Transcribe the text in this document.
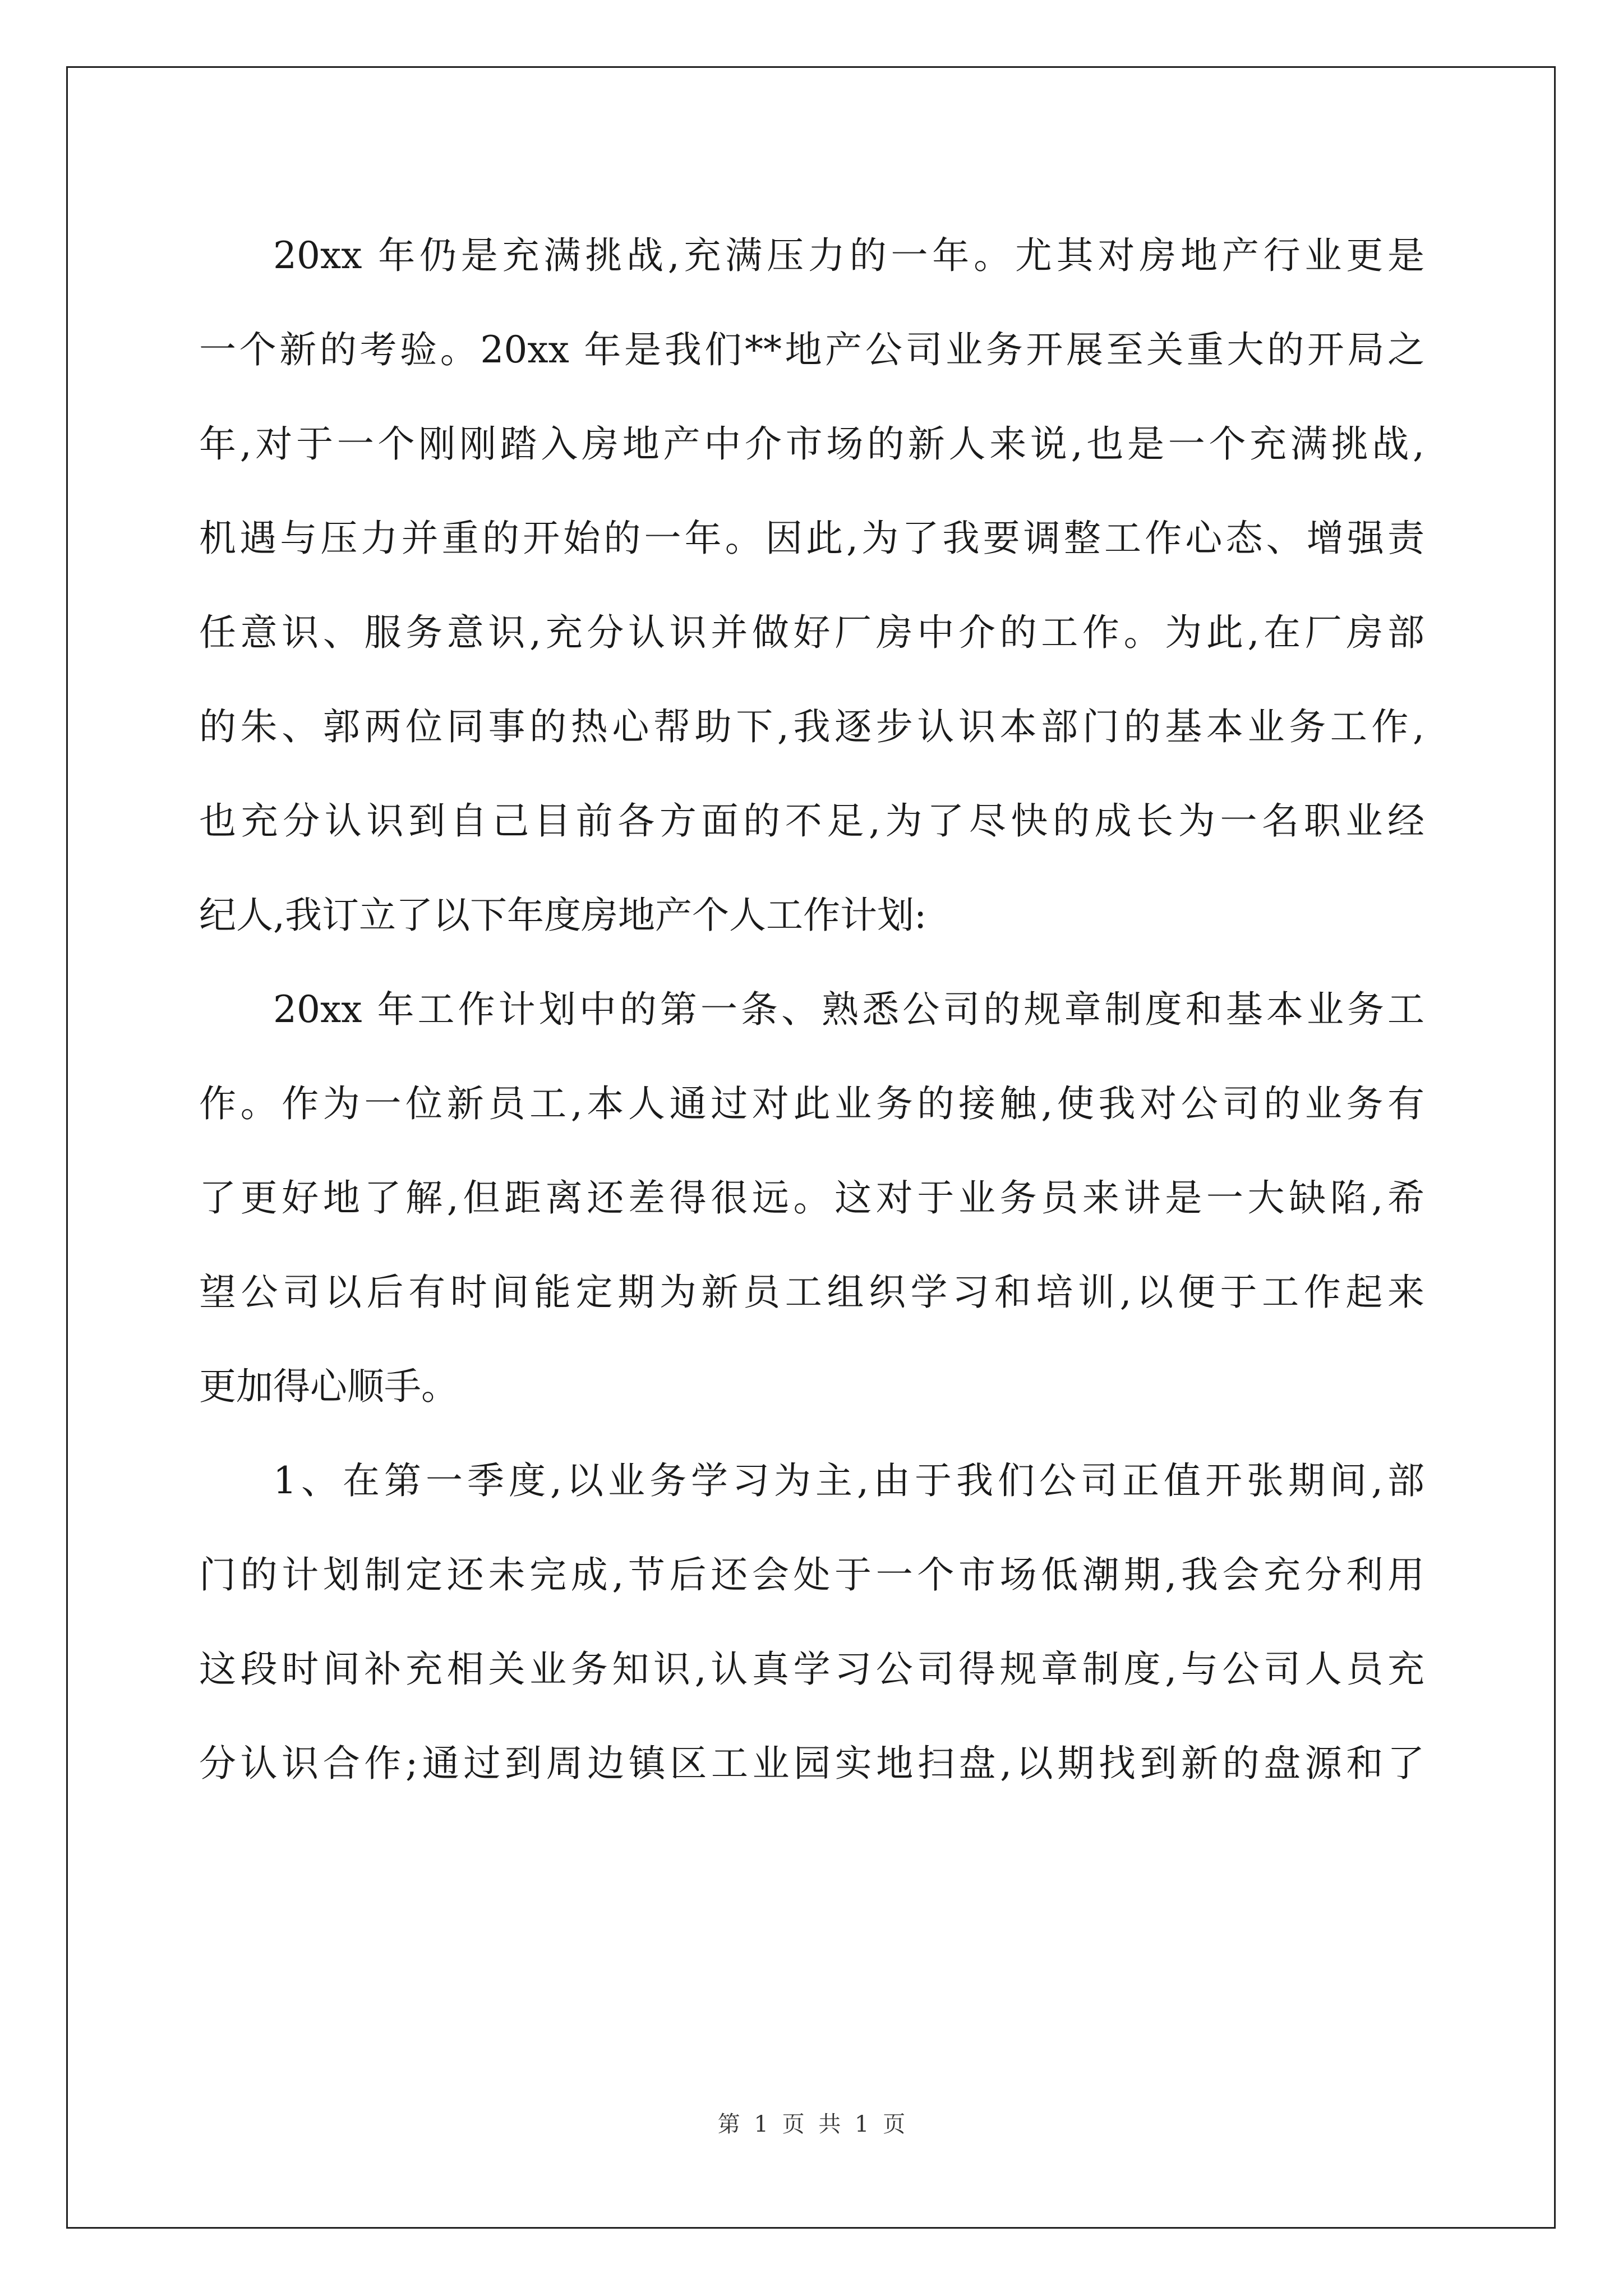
20xx 年仍是充满挑战,充满压力的一年。尤其对房地产行业更是
一个新的考验。20xx 年是我们**地产公司业务开展至关重大的开局之
年,对于一个刚刚踏入房地产中介市场的新人来说,也是一个充满挑战,
机遇与压力并重的开始的一年。因此,为了我要调整工作心态、增强责
任意识、服务意识,充分认识并做好厂房中介的工作。为此,在厂房部
的朱、郭两位同事的热心帮助下,我逐步认识本部门的基本业务工作,
也充分认识到自己目前各方面的不足,为了尽快的成长为一名职业经
纪人,我订立了以下年度房地产个人工作计划:
20xx 年工作计划中的第一条、熟悉公司的规章制度和基本业务工
作。作为一位新员工,本人通过对此业务的接触,使我对公司的业务有
了更好地了解,但距离还差得很远。这对于业务员来讲是一大缺陷,希
望公司以后有时间能定期为新员工组织学习和培训,以便于工作起来
更加得心顺手。
1、在第一季度,以业务学习为主,由于我们公司正值开张期间,部
门的计划制定还未完成,节后还会处于一个市场低潮期,我会充分利用
这段时间补充相关业务知识,认真学习公司得规章制度,与公司人员充
分认识合作;通过到周边镇区工业园实地扫盘,以期找到新的盘源和了
第 1 页 共 1 页
